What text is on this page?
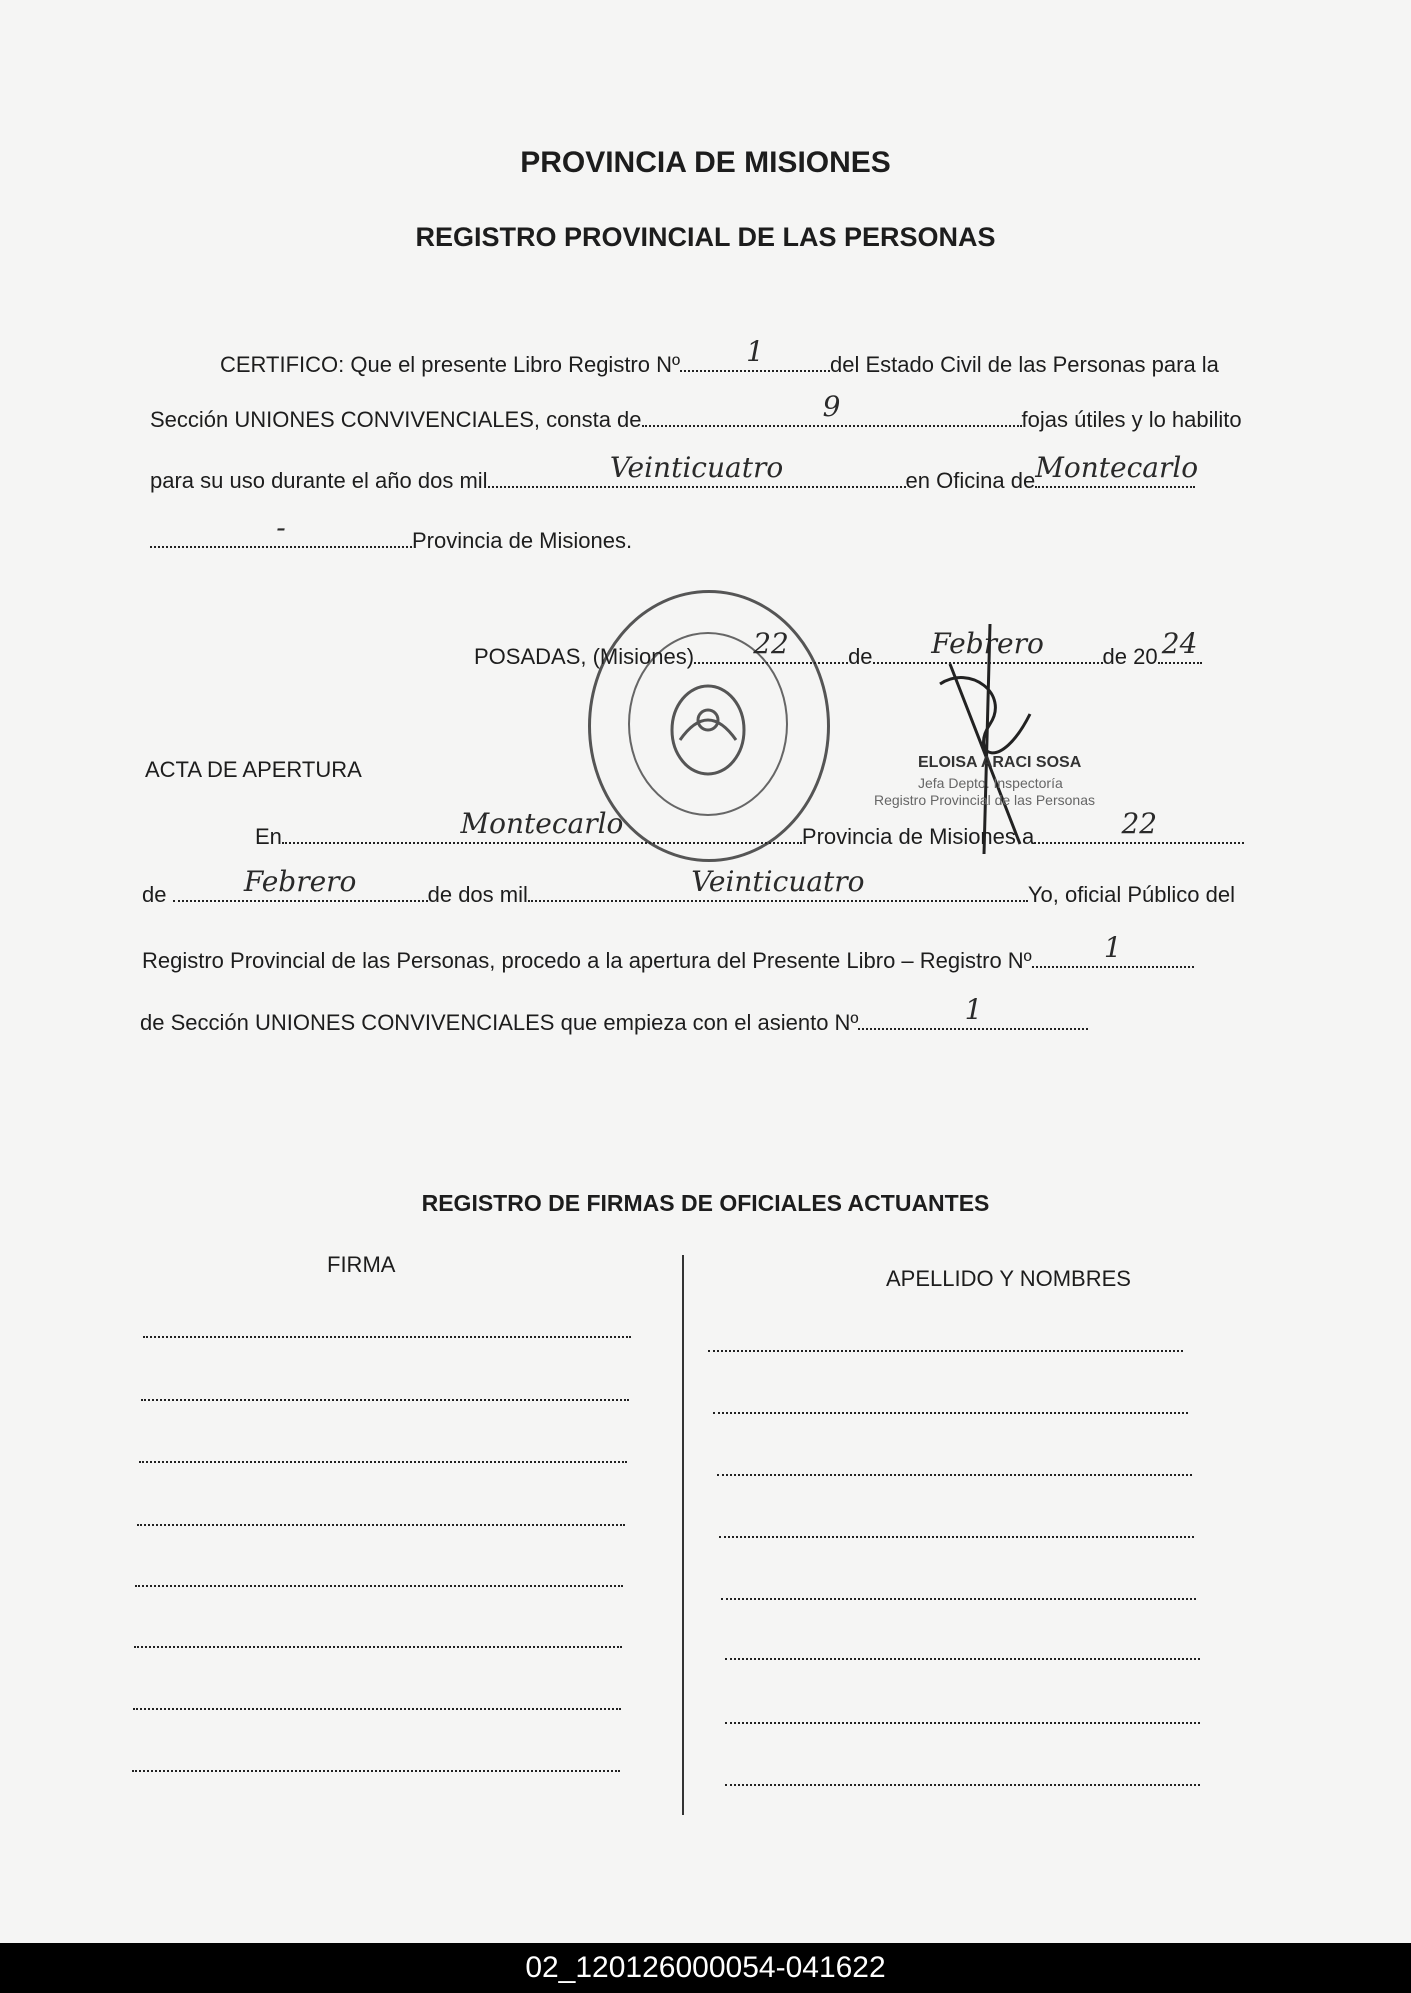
PROVINCIA DE MISIONES
REGISTRO PROVINCIAL DE LAS PERSONAS
CERTIFICO: Que el presente Libro Registro Nº	1	del Estado Civil de las Personas para la
Sección UNIONES CONVIVENCIALES, consta de	9	fojas útiles y lo habilito
para su uso durante el año dos mil	Veinticuatro	en Oficina de Montecarlo
-	Provincia de Misiones.
POSADAS, (Misiones)	22	de	Febrero	de 20 24
ELOISA ARACI SOSA
Jefa Depto. Inspectoría
Registro Provincial de las Personas
ACTA DE APERTURA
En	Montecarlo	Provincia de Misiones a	22
de	Febrero	de dos mil	Veinticuatro	Yo, oficial Público del
Registro Provincial de las Personas, procedo a la apertura del Presente Libro – Registro Nº	1
de Sección UNIONES CONVIVENCIALES que empieza con el asiento Nº	1
REGISTRO DE FIRMAS DE OFICIALES ACTUANTES
FIRMA
APELLIDO Y NOMBRES
02_120126000054-041622
